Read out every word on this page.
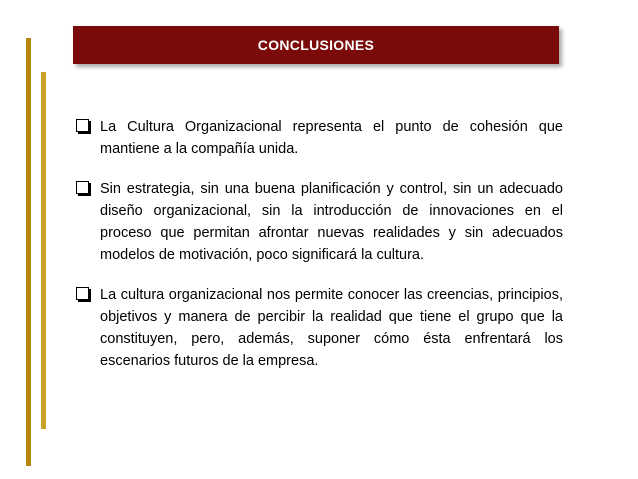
CONCLUSIONES
La Cultura Organizacional representa el punto de cohesión que mantiene a la compañía unida.
Sin estrategia, sin una buena planificación y control, sin un adecuado diseño organizacional, sin la introducción de innovaciones en el proceso que permitan afrontar nuevas realidades y sin adecuados modelos de motivación, poco significará la cultura.
La cultura organizacional nos permite conocer las creencias, principios, objetivos y manera de percibir la realidad que tiene el grupo que la constituyen, pero, además, suponer cómo ésta enfrentará los escenarios futuros de la empresa.
